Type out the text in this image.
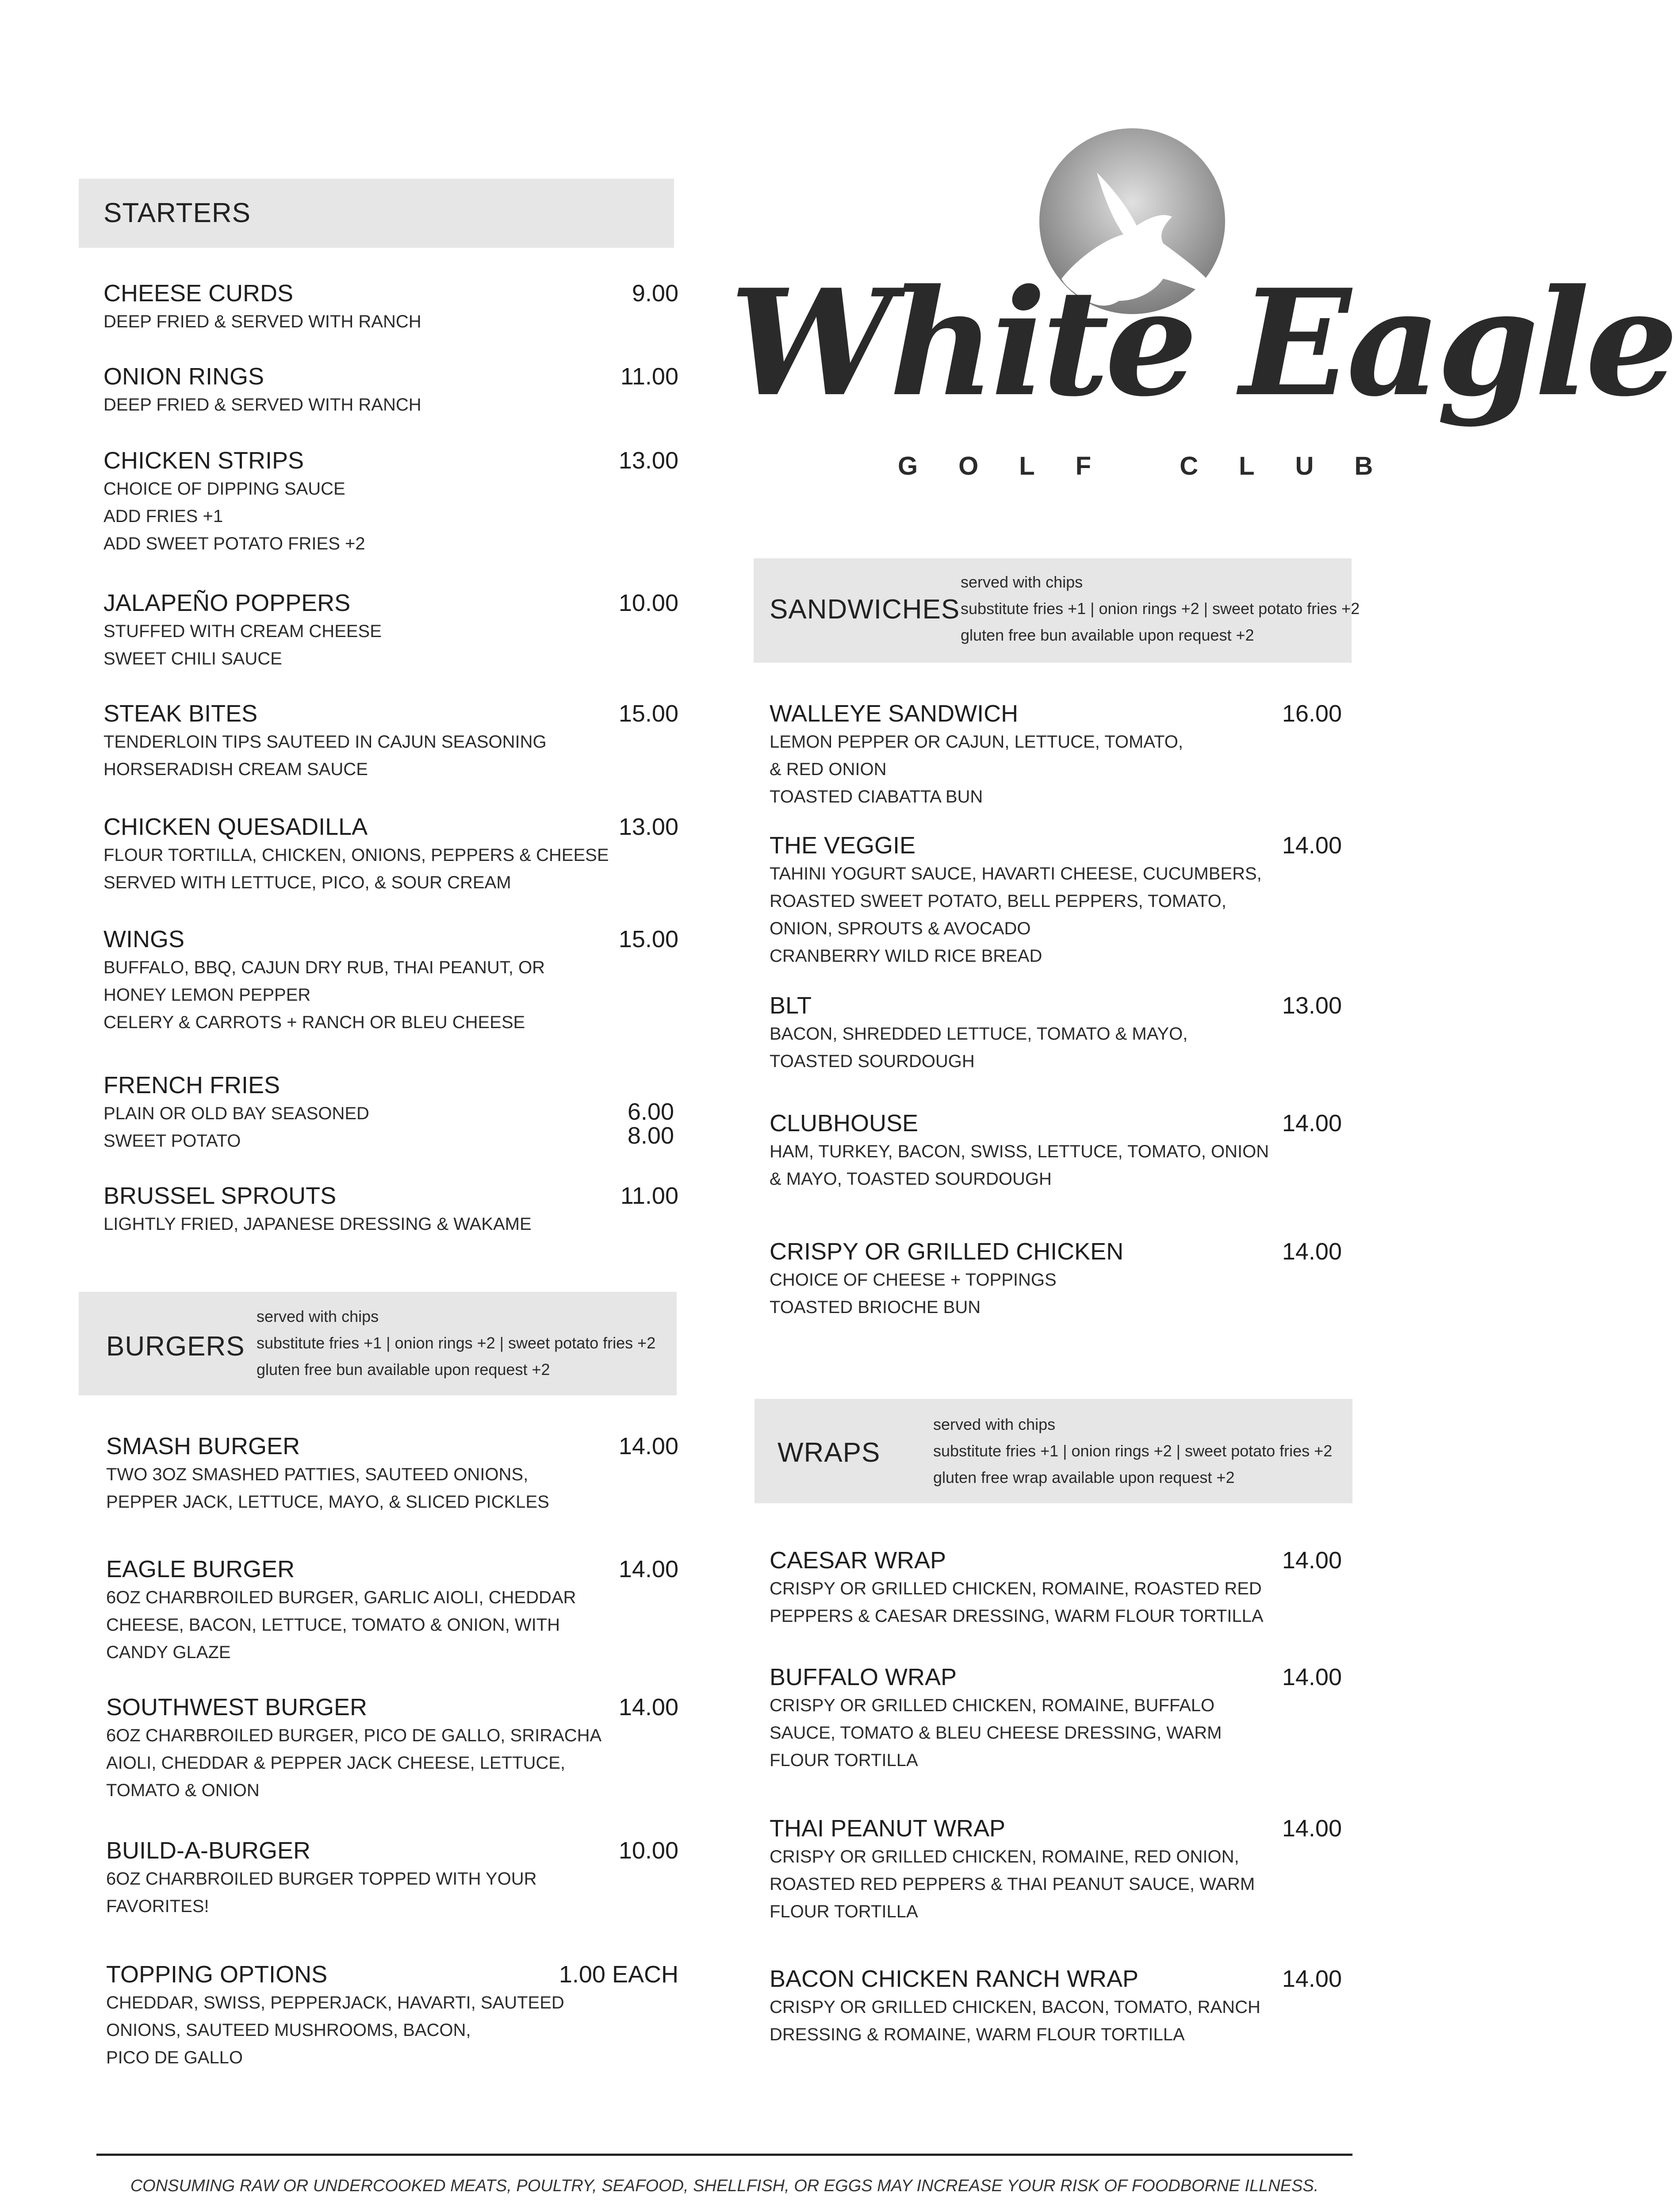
White Eagle
GOLF CLUB
STARTERS
CHEESE CURDS
DEEP FRIED & SERVED WITH RANCH
9.00
ONION RINGS
DEEP FRIED & SERVED WITH RANCH
11.00
CHICKEN STRIPS
CHOICE OF DIPPING SAUCE
ADD FRIES +1
ADD SWEET POTATO FRIES +2
13.00
JALAPEÑO POPPERS
STUFFED WITH CREAM CHEESE
SWEET CHILI SAUCE
10.00
STEAK BITES
TENDERLOIN TIPS SAUTEED IN CAJUN SEASONING
HORSERADISH CREAM SAUCE
15.00
CHICKEN QUESADILLA
FLOUR TORTILLA, CHICKEN, ONIONS, PEPPERS & CHEESE
SERVED WITH LETTUCE, PICO, & SOUR CREAM
13.00
WINGS
BUFFALO, BBQ, CAJUN DRY RUB, THAI PEANUT, OR
HONEY LEMON PEPPER
CELERY & CARROTS + RANCH OR BLEU CHEESE
15.00
FRENCH FRIES
PLAIN OR OLD BAY SEASONED
SWEET POTATO
6.00
8.00
BRUSSEL SPROUTS
LIGHTLY FRIED, JAPANESE DRESSING & WAKAME
11.00
BURGERS
served with chips
substitute fries +1 | onion rings +2 | sweet potato fries +2
gluten free bun available upon request +2
SMASH BURGER
TWO 3OZ SMASHED PATTIES, SAUTEED ONIONS,
PEPPER JACK, LETTUCE, MAYO, & SLICED PICKLES
14.00
EAGLE BURGER
6OZ CHARBROILED BURGER, GARLIC AIOLI, CHEDDAR
CHEESE, BACON, LETTUCE, TOMATO & ONION, WITH
CANDY GLAZE
14.00
SOUTHWEST BURGER
6OZ CHARBROILED BURGER, PICO DE GALLO, SRIRACHA
AIOLI, CHEDDAR & PEPPER JACK CHEESE, LETTUCE,
TOMATO & ONION
14.00
BUILD-A-BURGER
6OZ CHARBROILED BURGER TOPPED WITH YOUR
FAVORITES!
10.00
TOPPING OPTIONS
CHEDDAR, SWISS, PEPPERJACK, HAVARTI, SAUTEED
ONIONS, SAUTEED MUSHROOMS, BACON,
PICO DE GALLO
1.00 EACH
SANDWICHES
served with chips
substitute fries +1 | onion rings +2 | sweet potato fries +2
gluten free bun available upon request +2
WALLEYE SANDWICH
LEMON PEPPER OR CAJUN, LETTUCE, TOMATO,
& RED ONION
TOASTED CIABATTA BUN
16.00
THE VEGGIE
TAHINI YOGURT SAUCE, HAVARTI CHEESE, CUCUMBERS,
ROASTED SWEET POTATO, BELL PEPPERS, TOMATO,
ONION, SPROUTS & AVOCADO
CRANBERRY WILD RICE BREAD
14.00
BLT
BACON, SHREDDED LETTUCE, TOMATO & MAYO,
TOASTED SOURDOUGH
13.00
CLUBHOUSE
HAM, TURKEY, BACON, SWISS, LETTUCE, TOMATO, ONION
& MAYO, TOASTED SOURDOUGH
14.00
CRISPY OR GRILLED CHICKEN
CHOICE OF CHEESE + TOPPINGS
TOASTED BRIOCHE BUN
14.00
WRAPS
served with chips
substitute fries +1 | onion rings +2 | sweet potato fries +2
gluten free wrap available upon request +2
CAESAR WRAP
CRISPY OR GRILLED CHICKEN, ROMAINE, ROASTED RED
PEPPERS & CAESAR DRESSING, WARM FLOUR TORTILLA
14.00
BUFFALO WRAP
CRISPY OR GRILLED CHICKEN, ROMAINE, BUFFALO
SAUCE, TOMATO & BLEU CHEESE DRESSING, WARM
FLOUR TORTILLA
14.00
THAI PEANUT WRAP
CRISPY OR GRILLED CHICKEN, ROMAINE, RED ONION,
ROASTED RED PEPPERS & THAI PEANUT SAUCE, WARM
FLOUR TORTILLA
14.00
BACON CHICKEN RANCH WRAP
CRISPY OR GRILLED CHICKEN, BACON, TOMATO, RANCH
DRESSING & ROMAINE, WARM FLOUR TORTILLA
14.00
CONSUMING RAW OR UNDERCOOKED MEATS, POULTRY, SEAFOOD, SHELLFISH, OR EGGS MAY INCREASE YOUR RISK OF FOODBORNE ILLNESS.
